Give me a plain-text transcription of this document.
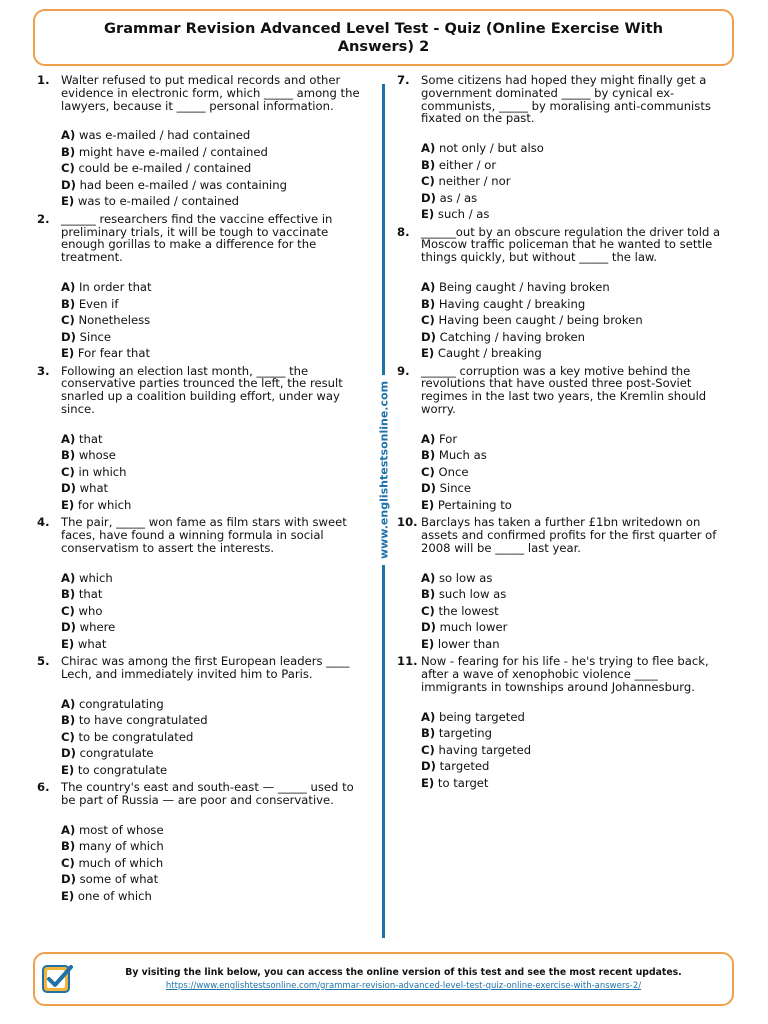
Grammar Revision Advanced Level Test - Quiz (Online Exercise With Answers) 2
1. Walter refused to put medical records and other evidence in electronic form, which _____ among the lawyers, because it _____ personal information.
A) was e-mailed / had contained
B) might have e-mailed / contained
C) could be e-mailed / contained
D) had been e-mailed / was containing
E) was to e-mailed / contained
2. ______ researchers find the vaccine effective in preliminary trials, it will be tough to vaccinate enough gorillas to make a difference for the treatment.
A) In order that
B) Even if
C) Nonetheless
D) Since
E) For fear that
3. Following an election last month, _____ the conservative parties trounced the left, the result snarled up a coalition building effort, under way since.
A) that
B) whose
C) in which
D) what
E) for which
4. The pair, _____ won fame as film stars with sweet faces, have found a winning formula in social conservatism to assert the interests.
A) which
B) that
C) who
D) where
E) what
5. Chirac was among the first European leaders ____ Lech, and immediately invited him to Paris.
A) congratulating
B) to have congratulated
C) to be congratulated
D) congratulate
E) to congratulate
6. The country's east and south-east — _____ used to be part of Russia — are poor and conservative.
A) most of whose
B) many of which
C) much of which
D) some of what
E) one of which
7. Some citizens had hoped they might finally get a government dominated _____ by cynical ex-communists, _____ by moralising anti-communists fixated on the past.
A) not only / but also
B) either / or
C) neither / nor
D) as / as
E) such / as
8. ______out by an obscure regulation the driver told a Moscow traffic policeman that he wanted to settle things quickly, but without _____ the law.
A) Being caught / having broken
B) Having caught / breaking
C) Having been caught / being broken
D) Catching / having broken
E) Caught / breaking
9. ______ corruption was a key motive behind the revolutions that have ousted three post-Soviet regimes in the last two years, the Kremlin should worry.
A) For
B) Much as
C) Once
D) Since
E) Pertaining to
10. Barclays has taken a further £1bn writedown on assets and confirmed profits for the first quarter of 2008 will be _____ last year.
A) so low as
B) such low as
C) the lowest
D) much lower
E) lower than
11. Now - fearing for his life - he's trying to flee back, after a wave of xenophobic violence ____ immigrants in townships around Johannesburg.
A) being targeted
B) targeting
C) having targeted
D) targeted
E) to target
www.englishtestsonline.com
By visiting the link below, you can access the online version of this test and see the most recent updates.
https://www.englishtestsonline.com/grammar-revision-advanced-level-test-quiz-online-exercise-with-answers-2/
